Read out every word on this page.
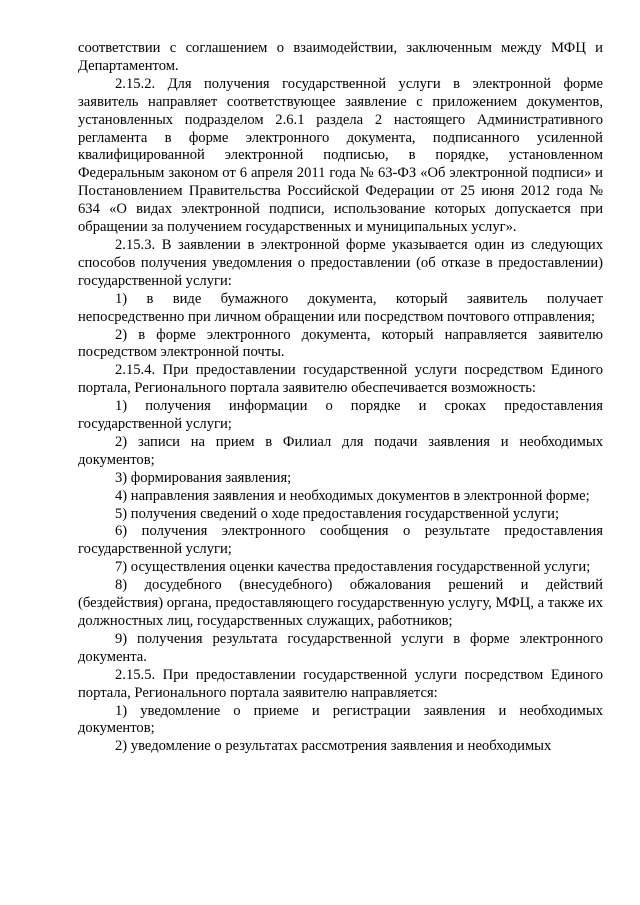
соответствии с соглашением о взаимодействии, заключенным между МФЦ и Департаментом.

2.15.2. Для получения государственной услуги в электронной форме заявитель направляет соответствующее заявление с приложением документов, установленных подразделом 2.6.1 раздела 2 настоящего Административного регламента в форме электронного документа, подписанного усиленной квалифицированной электронной подписью, в порядке, установленном Федеральным законом от 6 апреля 2011 года № 63-ФЗ «Об электронной подписи» и Постановлением Правительства Российской Федерации от 25 июня 2012 года № 634 «О видах электронной подписи, использование которых допускается при обращении за получением государственных и муниципальных услуг».

2.15.3. В заявлении в электронной форме указывается один из следующих способов получения уведомления о предоставлении (об отказе в предоставлении) государственной услуги:

1) в виде бумажного документа, который заявитель получает непосредственно при личном обращении или посредством почтового отправления;

2) в форме электронного документа, который направляется заявителю посредством электронной почты.

2.15.4. При предоставлении государственной услуги посредством Единого портала, Регионального портала заявителю обеспечивается возможность:

1) получения информации о порядке и сроках предоставления государственной услуги;

2) записи на прием в Филиал для подачи заявления и необходимых документов;

3) формирования заявления;

4) направления заявления и необходимых документов в электронной форме;

5) получения сведений о ходе предоставления государственной услуги;

6) получения электронного сообщения о результате предоставления государственной услуги;

7) осуществления оценки качества предоставления государственной услуги;

8) досудебного (внесудебного) обжалования решений и действий (бездействия) органа, предоставляющего государственную услугу, МФЦ, а также их должностных лиц, государственных служащих, работников;

9) получения результата государственной услуги в форме электронного документа.

2.15.5. При предоставлении государственной услуги посредством Единого портала, Регионального портала заявителю направляется:

1) уведомление о приеме и регистрации заявления и необходимых документов;

2) уведомление о результатах рассмотрения заявления и необходимых
